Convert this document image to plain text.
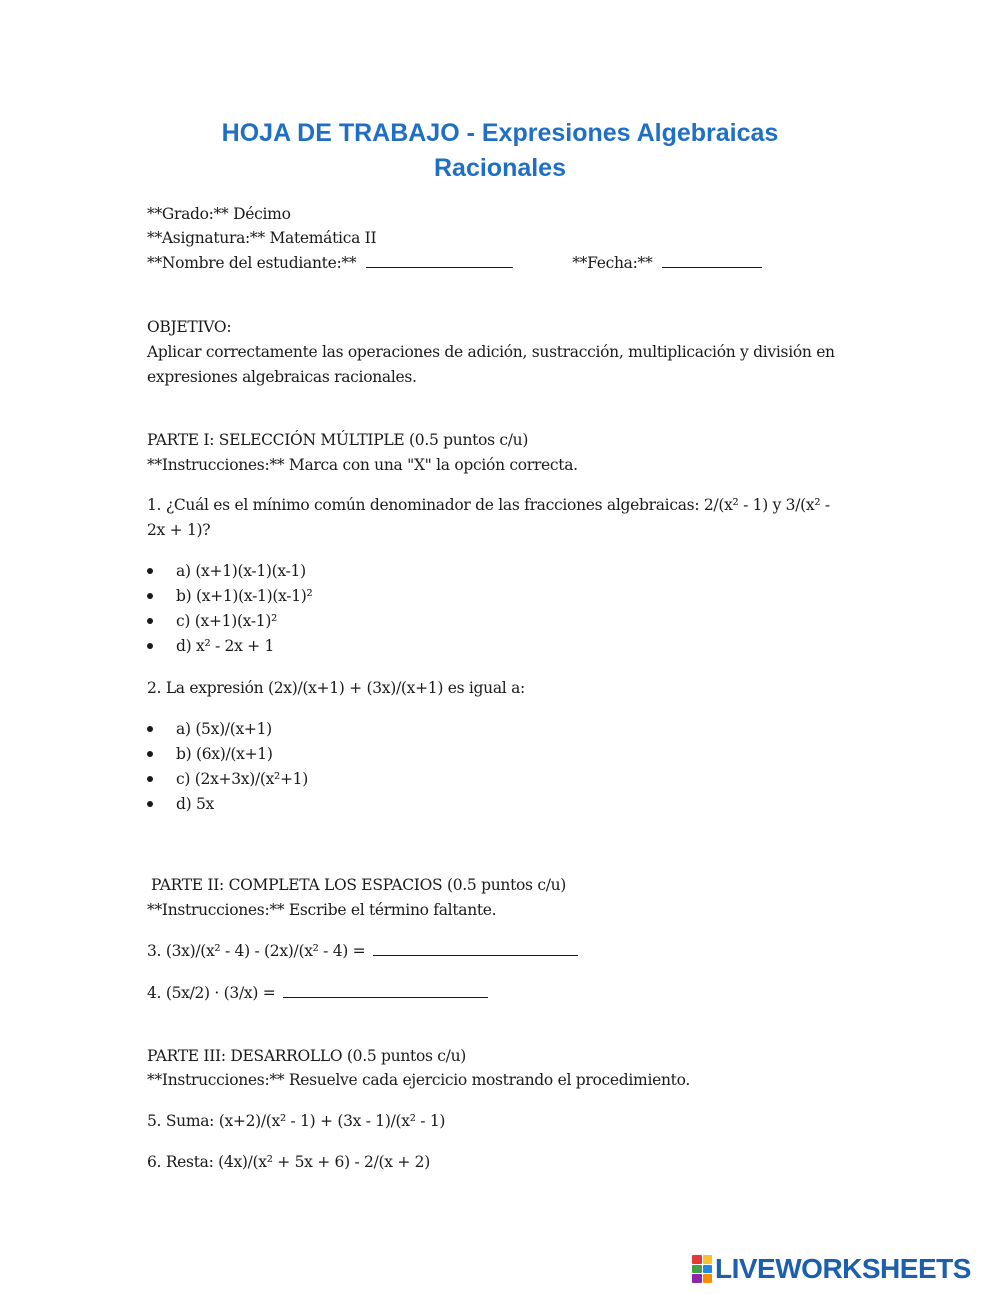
HOJA DE TRABAJO - Expresiones Algebraicas
Racionales
**Grado:** Décimo
**Asignatura:** Matemática II
**Nombre del estudiante:**	**Fecha:**
OBJETIVO:
Aplicar correctamente las operaciones de adición, sustracción, multiplicación y división en expresiones algebraicas racionales.
PARTE I: SELECCIÓN MÚLTIPLE (0.5 puntos c/u)
**Instrucciones:** Marca con una "X" la opción correcta.
1. ¿Cuál es el mínimo común denominador de las fracciones algebraicas: 2/(x² - 1) y 3/(x² - 2x + 1)?
a) (x+1)(x-1)(x-1)
b) (x+1)(x-1)(x-1)²
c) (x+1)(x-1)²
d) x² - 2x + 1
2. La expresión (2x)/(x+1) + (3x)/(x+1) es igual a:
a) (5x)/(x+1)
b) (6x)/(x+1)
c) (2x+3x)/(x²+1)
d) 5x
PARTE II: COMPLETA LOS ESPACIOS (0.5 puntos c/u)
**Instrucciones:** Escribe el término faltante.
3. (3x)/(x² - 4) - (2x)/(x² - 4) =
4. (5x/2) · (3/x) =
PARTE III: DESARROLLO (0.5 puntos c/u)
**Instrucciones:** Resuelve cada ejercicio mostrando el procedimiento.
5. Suma: (x+2)/(x² - 1) + (3x - 1)/(x² - 1)
6. Resta: (4x)/(x² + 5x + 6) - 2/(x + 2)
LIVEWORKSHEETS
